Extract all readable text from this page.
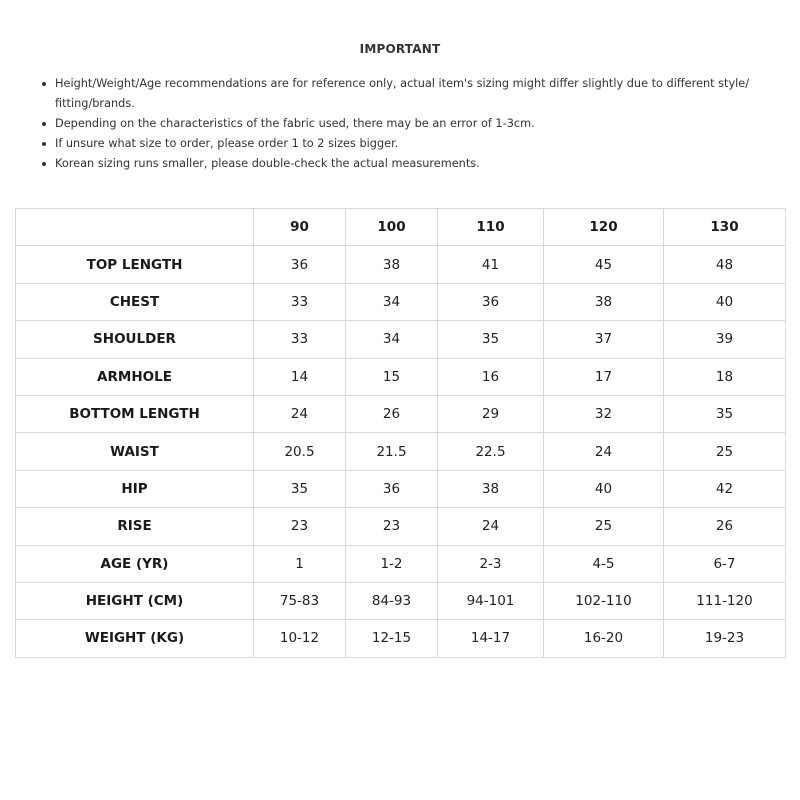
IMPORTANT
Height/Weight/Age recommendations are for reference only, actual item's sizing might differ slightly due to different style/ fitting/brands.
Depending on the characteristics of the fabric used, there may be an error of 1-3cm.
If unsure what size to order, please order 1 to 2 sizes bigger.
Korean sizing runs smaller, please double-check the actual measurements.
	90	100	110	120	130
TOP LENGTH	36	38	41	45	48
CHEST	33	34	36	38	40
SHOULDER	33	34	35	37	39
ARMHOLE	14	15	16	17	18
BOTTOM LENGTH	24	26	29	32	35
WAIST	20.5	21.5	22.5	24	25
HIP	35	36	38	40	42
RISE	23	23	24	25	26
AGE (YR)	1	1-2	2-3	4-5	6-7
HEIGHT (CM)	75-83	84-93	94-101	102-110	111-120
WEIGHT (KG)	10-12	12-15	14-17	16-20	19-23
